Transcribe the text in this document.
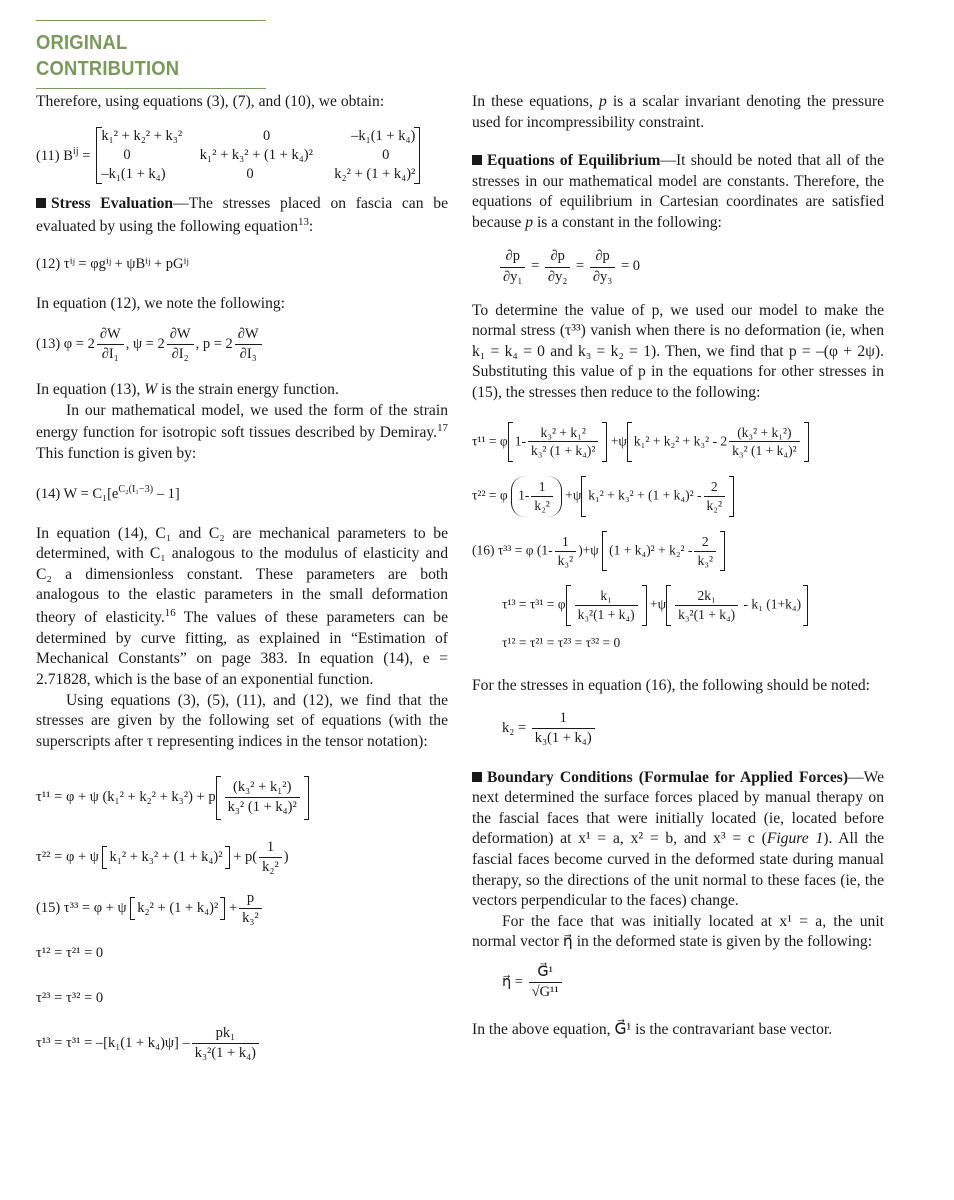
ORIGINAL CONTRIBUTION

Therefore, using equations (3), (7), and (10), we obtain:

(11) $B^{ij}$ =
k₁² + k₂² + k₃²	0	–k₁(1 + k₄)
0	k₁² + k₃² + (1 + k₄)²	0
–k₁(1 + k₄)	0	k₂² + (1 + k₄)²

Stress Evaluation—The stresses placed on fascia can be evaluated by using the following equation$^{13}$:

(12) τⁱʲ = φgⁱʲ + ψBⁱʲ + pGⁱʲ

In equation (12), we note the following:

(13) $\varphi = 2 \frac{\partial W}{\text{∂I₁}}$ , $\psi = 2 \frac{\partial W}{\text{∂I₂}}$ , $p = 2 \frac{\partial W}{\text{∂I₃}}$

In equation (13), W is the strain energy function.

In our mathematical model, we used the form of the strain energy function for isotropic soft tissues described by Demiray.$^{17}$ This function is given by:

(14) $W = C_1[e^{C_2(I_1-3)} - 1]$

In equation (14), C₁ and C₂ are mechanical parameters to be determined, with C₁ analogous to the modulus of elasticity and C₂ a dimensionless constant. These parameters are both analogous to the elastic parameters in the small deformation theory of elasticity.$^{16}$ The values of these parameters can be determined by curve fitting, as explained in “Estimation of Mechanical Constants” on page 383. In equation (14), e = 2.71828, which is the base of an exponential function.

Using equations (3), (5), (11), and (12), we find that the stresses are given by the following set of equations (with the superscripts after τ representing indices in the tensor notation):

τ¹¹ = φ + ψ (k₁² + k₂² + k₃²) + p $\frac{\text{(k₃² + k₁²)}}{\text{k₃² (1 + k₄)²}}$
τ²² = φ + ψ $k_1^2 + k_3^2 + (1 + k_4)^2 + p( \frac{1}{\text{k₂²}}$ )
(15) τ³³ = φ + ψ $k_2^2 + (1 + k_4)^2 + \frac{p}{\text{k₃²}}$
τ¹² = τ²¹ = 0
τ²³ = τ³² = 0
$\tau^{13} = \tau^{31} = -[k_1(1 + k_4)\psi] - \frac{\text{pk₁}}{\text{k₃²(1 + k₄)}}$

In these equations, p is a scalar invariant denoting the pressure used for incompressibility constraint.

Equations of Equilibrium—It should be noted that all of the stresses in our mathematical model are constants. Therefore, the equations of equilibrium in Cartesian coordinates are satisfied because p is a constant in the following:

$\frac{\partial p}{\text{∂y₁}} = \frac{\partial p}{\text{∂y₂}} = \frac{\partial p}{\text{∂y₃}} = 0$

To determine the value of p, we used our model to make the normal stress (τ³³) vanish when there is no deformation (ie, when k₁ = k₄ = 0 and k₃ = k₂ = 1). Then, we find that p = –(φ + 2ψ). Substituting this value of p in the equations for other stresses in (15), the stresses then reduce to the following:

τ¹¹ = φ $1- \frac{\text{k₃² + k₁²}}{\text{k₃² (1 + k₄)²}} +\psi$ $k_1^2 + k_2^2 + k_3^2 - 2 \frac{\text{(k₃² + k₁²)}}{\text{k₃² (1 + k₄)²}}$
τ²² = φ $1- \frac{1}{\text{k₂²}} +\psi$ $k_1^2 + k_3^2 + (1 + k_4)^2 - \frac{2}{\text{k₂²}}$
(16) τ³³ = φ $(1- \frac{1}{\text{k₃²}} )+\psi$ $(1 + k_4)^2 + k_2^2 - \frac{2}{\text{k₃²}}$
τ¹³ = τ³¹ = φ $\frac{\text{k₁}}{\text{k₃²(1 + k₄)}} +\psi \frac{\text{2k₁}}{\text{k₃²(1 + k₄)}} - k_1$ (1+k₄)
τ¹² = τ²¹ = τ²³ = τ³² = 0

For the stresses in equation (16), the following should be noted:

$k_2 = \frac{1}{\text{k₃(1 + k₄)}}$

Boundary Conditions (Formulae for Applied Forces)—We next determined the surface forces placed by manual therapy on the fascial faces that were initially located (ie, located before deformation) at x¹ = a, x² = b, and x³ = c (Figure 1). All the fascial faces become curved in the deformed state during manual therapy, so the directions of the unit normal to these faces (ie, the vectors perpendicular to the faces) change.

For the face that was initially located at x¹ = a, the unit normal vector η⃗ in the deformed state is given by the following:

η⃗ = $\frac{\text{G⃗¹}}{\text{√G¹¹}}$

In the above equation, G⃗¹ is the contravariant base vector.
